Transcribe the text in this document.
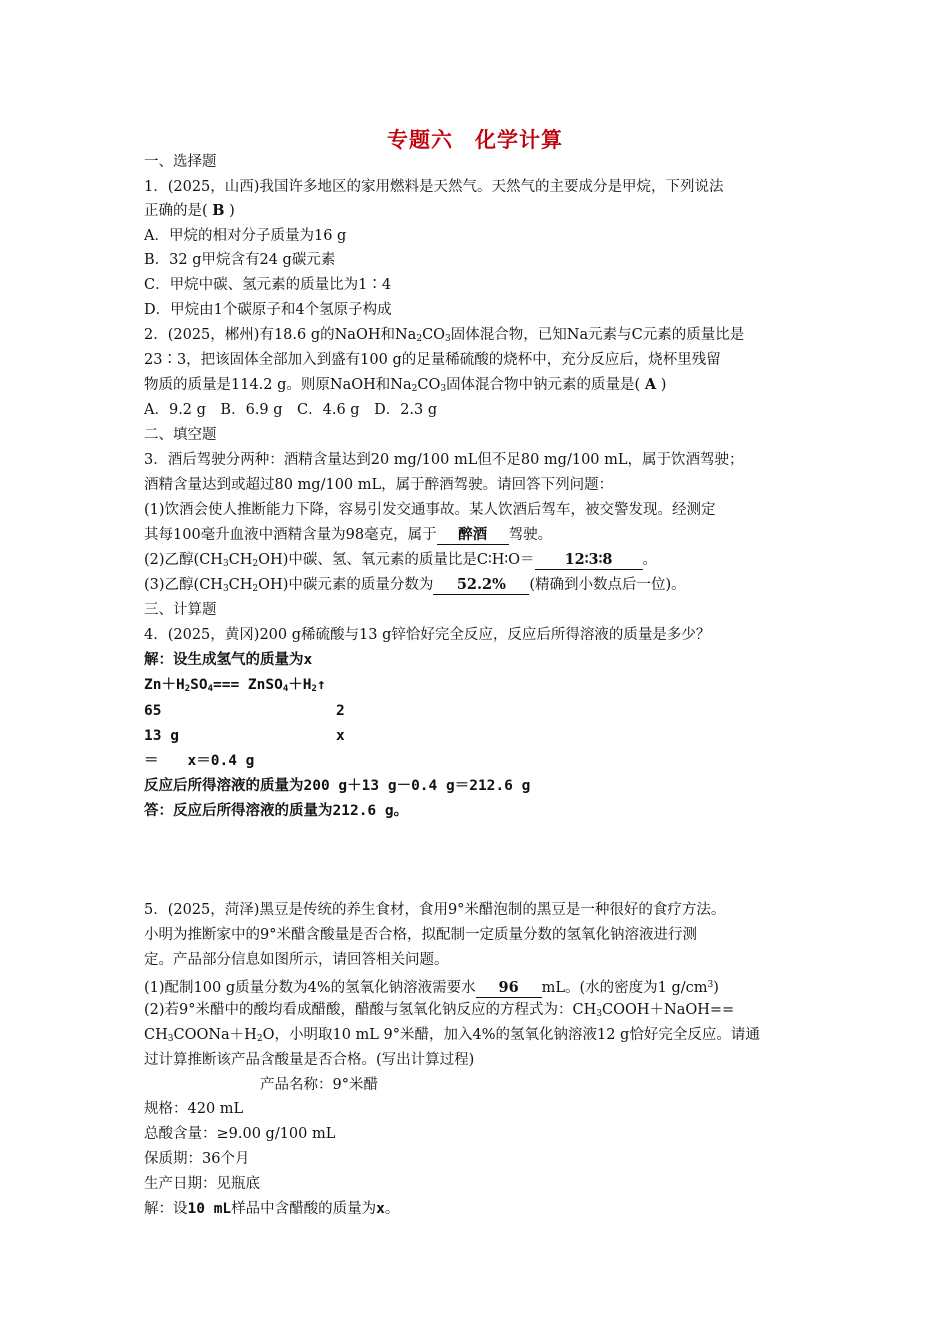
专题六　化学计算
一、选择题
1．(2025，山西)我国许多地区的家用燃料是天然气。天然气的主要成分是甲烷，下列说法
正确的是( B )
A．甲烷的相对分子质量为16 g
B．32 g甲烷含有24 g碳元素
C．甲烷中碳、氢元素的质量比为1∶4
D．甲烷由1个碳原子和4个氢原子构成
2．(2025，郴州)有18.6 g的NaOH和$Na_2CO_3$固体混合物，已知Na元素与C元素的质量比是
23∶3，把该固体全部加入到盛有100 g的足量稀硫酸的烧杯中，充分反应后，烧杯里残留
物质的质量是114.2 g。则原NaOH和$Na_2CO_3$固体混合物中钠元素的质量是( A )
A．9.2 g　B．6.9 g　C．4.6 g　D．2.3 g
二、填空题
3．酒后驾驶分两种：酒精含量达到20 mg/100 mL但不足80 mg/100 mL，属于饮酒驾驶；
酒精含量达到或超过80 mg/100 mL，属于醉酒驾驶。请回答下列问题：
(1)饮酒会使人推断能力下降，容易引发交通事故。某人饮酒后驾车，被交警发现。经测定
其每100毫升血液中酒精含量为98毫克，属于 醉酒 驾驶。
(2)乙醇$(CH_3CH_2OH)$中碳、氢、氧元素的质量比是C∶H∶O＝ 12∶3∶8 。
(3)乙醇$(CH_3CH_2OH)$中碳元素的质量分数为 52.2% (精确到小数点后一位)。
三、计算题
4．(2025，黄冈)200 g稀硫酸与13 g锌恰好完全反应，反应后所得溶液的质量是多少？
解：设生成氢气的质量为x
$Zn+H_2SO_4===$ $ZnSO_4+H_2↑$
65	2
13 g	x
＝　　x＝0.4 g
反应后所得溶液的质量为200 g＋13 g－0.4 g＝212.6 g
答：反应后所得溶液的质量为212.6 g。
5．(2025，菏泽)黑豆是传统的养生食材，食用9°米醋泡制的黑豆是一种很好的食疗方法。
小明为推断家中的9°米醋含酸量是否合格，拟配制一定质量分数的氢氧化钠溶液进行测
定。产品部分信息如图所示，请回答相关问题。
(1)配制100 g质量分数为4%的氢氧化钠溶液需要水 96 mL。(水的密度为1 $g/cm^3$)
(2)若9°米醋中的酸均看成醋酸，醋酸与氢氧化钠反应的方程式为：$CH_3COOH+NaOH==$
$CH_3COONa+H_2O$，小明取10 mL 9°米醋，加入4%的氢氧化钠溶液12 g恰好完全反应。请通
过计算推断该产品含酸量是否合格。(写出计算过程)
产品名称：9°米醋
规格：420 mL
总酸含量：≥9.00 g/100 mL
保质期：36个月
生产日期：见瓶底
解：设10 mL样品中含醋酸的质量为x。
